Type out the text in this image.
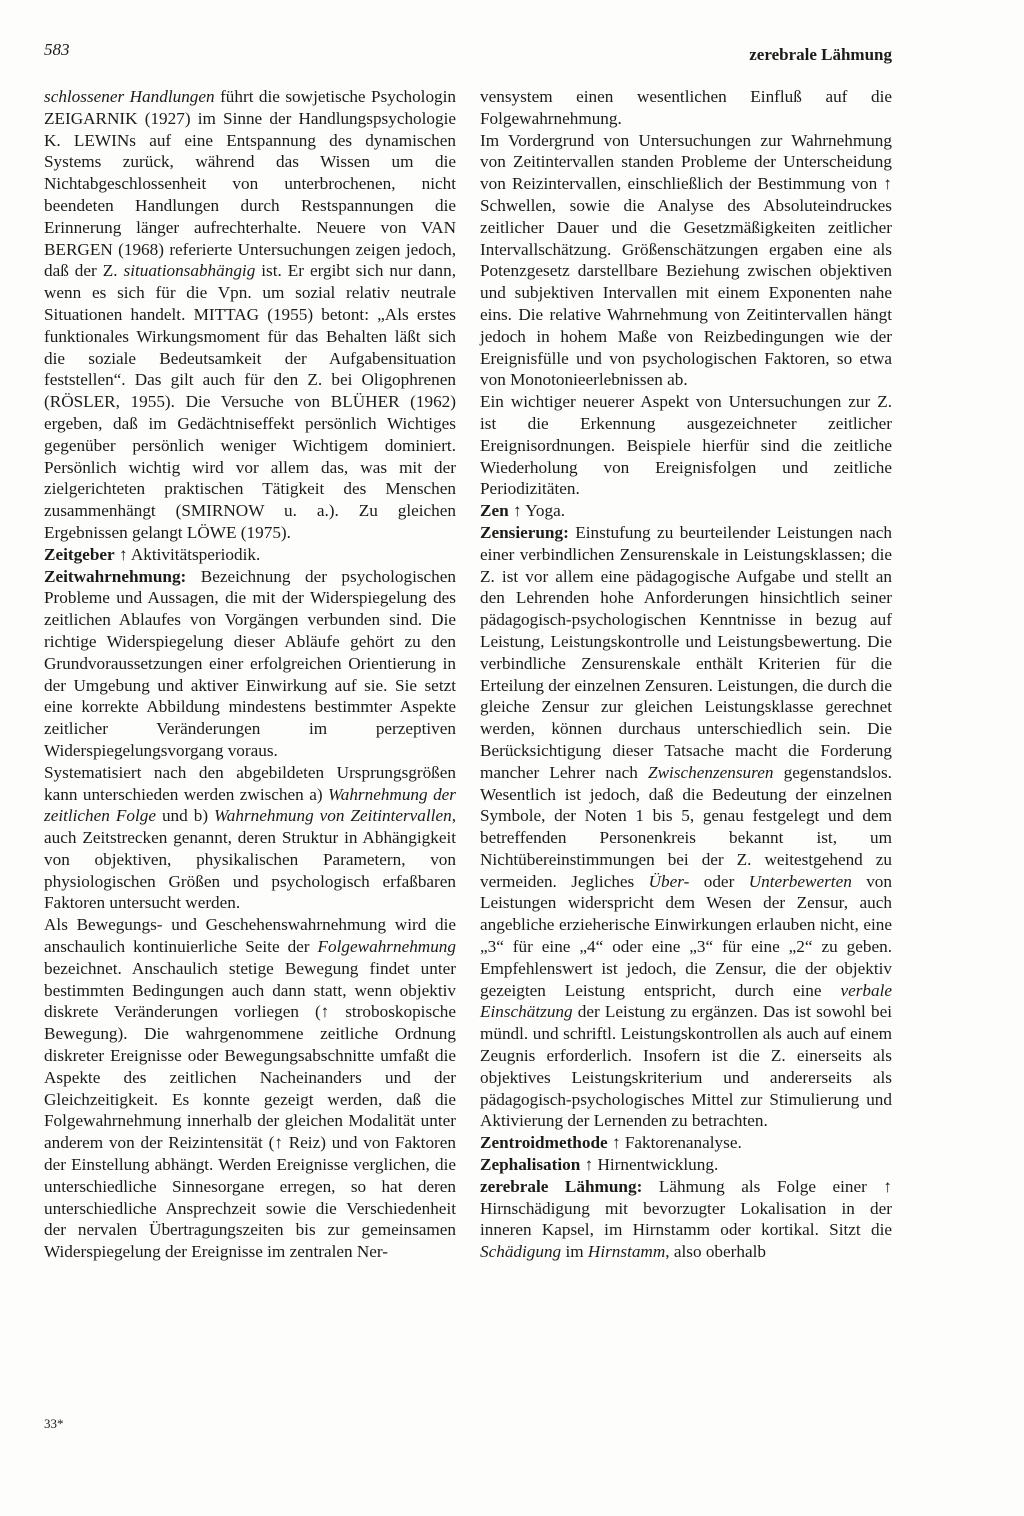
583	zerebrale Lähmung

schlossener Handlungen führt die sowjetische Psychologin ZEIGARNIK (1927) im Sinne der Handlungspsychologie K. LEWINs auf eine Entspannung des dynamischen Systems zurück, während das Wissen um die Nichtabgeschlossenheit von unterbrochenen, nicht beendeten Handlungen durch Restspannungen die Erinnerung länger aufrechterhalte. Neuere von VAN BERGEN (1968) referierte Untersuchungen zeigen jedoch, daß der Z. situationsabhängig ist. Er ergibt sich nur dann, wenn es sich für die Vpn. um sozial relativ neutrale Situationen handelt. MITTAG (1955) betont: „Als erstes funktionales Wirkungsmoment für das Behalten läßt sich die soziale Bedeutsamkeit der Aufgabensituation feststellen“. Das gilt auch für den Z. bei Oligophrenen (RÖSLER, 1955). Die Versuche von BLÜHER (1962) ergeben, daß im Gedächtniseffekt persönlich Wichtiges gegenüber persönlich weniger Wichtigem dominiert. Persönlich wichtig wird vor allem das, was mit der zielgerichteten praktischen Tätigkeit des Menschen zusammenhängt (SMIRNOW u. a.). Zu gleichen Ergebnissen gelangt LÖWE (1975).

Zeitgeber ↑ Aktivitätsperiodik.

Zeitwahrnehmung: Bezeichnung der psychologischen Probleme und Aussagen, die mit der Widerspiegelung des zeitlichen Ablaufes von Vorgängen verbunden sind. Die richtige Widerspiegelung dieser Abläufe gehört zu den Grundvoraussetzungen einer erfolgreichen Orientierung in der Umgebung und aktiver Einwirkung auf sie. Sie setzt eine korrekte Abbildung mindestens bestimmter Aspekte zeitlicher Veränderungen im perzeptiven Widerspiegelungsvorgang voraus.

Systematisiert nach den abgebildeten Ursprungsgrößen kann unterschieden werden zwischen a) Wahrnehmung der zeitlichen Folge und b) Wahrnehmung von Zeitintervallen, auch Zeitstrecken genannt, deren Struktur in Abhängigkeit von objektiven, physikalischen Parametern, von physiologischen Größen und psychologisch erfaßbaren Faktoren untersucht werden.

Als Bewegungs- und Geschehenswahrnehmung wird die anschaulich kontinuierliche Seite der Folgewahrnehmung bezeichnet. Anschaulich stetige Bewegung findet unter bestimmten Bedingungen auch dann statt, wenn objektiv diskrete Veränderungen vorliegen (↑ stroboskopische Bewegung). Die wahrgenommene zeitliche Ordnung diskreter Ereignisse oder Bewegungsabschnitte umfaßt die Aspekte des zeitlichen Nacheinanders und der Gleichzeitigkeit. Es konnte gezeigt werden, daß die Folgewahrnehmung innerhalb der gleichen Modalität unter anderem von der Reizintensität (↑ Reiz) und von Faktoren der Einstellung abhängt. Werden Ereignisse verglichen, die unterschiedliche Sinnesorgane erregen, so hat deren unterschiedliche Ansprechzeit sowie die Verschiedenheit der nervalen Übertragungszeiten bis zur gemeinsamen Widerspiegelung der Ereignisse im zentralen Ner-

vensystem einen wesentlichen Einfluß auf die Folgewahrnehmung.

Im Vordergrund von Untersuchungen zur Wahrnehmung von Zeitintervallen standen Probleme der Unterscheidung von Reizintervallen, einschließlich der Bestimmung von ↑ Schwellen, sowie die Analyse des Absoluteindruckes zeitlicher Dauer und die Gesetzmäßigkeiten zeitlicher Intervallschätzung. Größenschätzungen ergaben eine als Potenzgesetz darstellbare Beziehung zwischen objektiven und subjektiven Intervallen mit einem Exponenten nahe eins. Die relative Wahrnehmung von Zeitintervallen hängt jedoch in hohem Maße von Reizbedingungen wie der Ereignisfülle und von psychologischen Faktoren, so etwa von Monotonieerlebnissen ab.

Ein wichtiger neuerer Aspekt von Untersuchungen zur Z. ist die Erkennung ausgezeichneter zeitlicher Ereignisordnungen. Beispiele hierfür sind die zeitliche Wiederholung von Ereignisfolgen und zeitliche Periodizitäten.

Zen ↑ Yoga.

Zensierung: Einstufung zu beurteilender Leistungen nach einer verbindlichen Zensurenskale in Leistungsklassen; die Z. ist vor allem eine pädagogische Aufgabe und stellt an den Lehrenden hohe Anforderungen hinsichtlich seiner pädagogisch-psychologischen Kenntnisse in bezug auf Leistung, Leistungskontrolle und Leistungsbewertung. Die verbindliche Zensurenskale enthält Kriterien für die Erteilung der einzelnen Zensuren. Leistungen, die durch die gleiche Zensur zur gleichen Leistungsklasse gerechnet werden, können durchaus unterschiedlich sein. Die Berücksichtigung dieser Tatsache macht die Forderung mancher Lehrer nach Zwischenzensuren gegenstandslos. Wesentlich ist jedoch, daß die Bedeutung der einzelnen Symbole, der Noten 1 bis 5, genau festgelegt und dem betreffenden Personenkreis bekannt ist, um Nichtübereinstimmungen bei der Z. weitestgehend zu vermeiden. Jegliches Über- oder Unterbewerten von Leistungen widerspricht dem Wesen der Zensur, auch angebliche erzieherische Einwirkungen erlauben nicht, eine „3“ für eine „4“ oder eine „3“ für eine „2“ zu geben. Empfehlenswert ist jedoch, die Zensur, die der objektiv gezeigten Leistung entspricht, durch eine verbale Einschätzung der Leistung zu ergänzen. Das ist sowohl bei mündl. und schriftl. Leistungskontrollen als auch auf einem Zeugnis erforderlich. Insofern ist die Z. einerseits als objektives Leistungskriterium und andererseits als pädagogisch-psychologisches Mittel zur Stimulierung und Aktivierung der Lernenden zu betrachten.

Zentroidmethode ↑ Faktorenanalyse.

Zephalisation ↑ Hirnentwicklung.

zerebrale Lähmung: Lähmung als Folge einer ↑ Hirnschädigung mit bevorzugter Lokalisation in der inneren Kapsel, im Hirnstamm oder kortikal. Sitzt die Schädigung im Hirnstamm, also oberhalb

33*
